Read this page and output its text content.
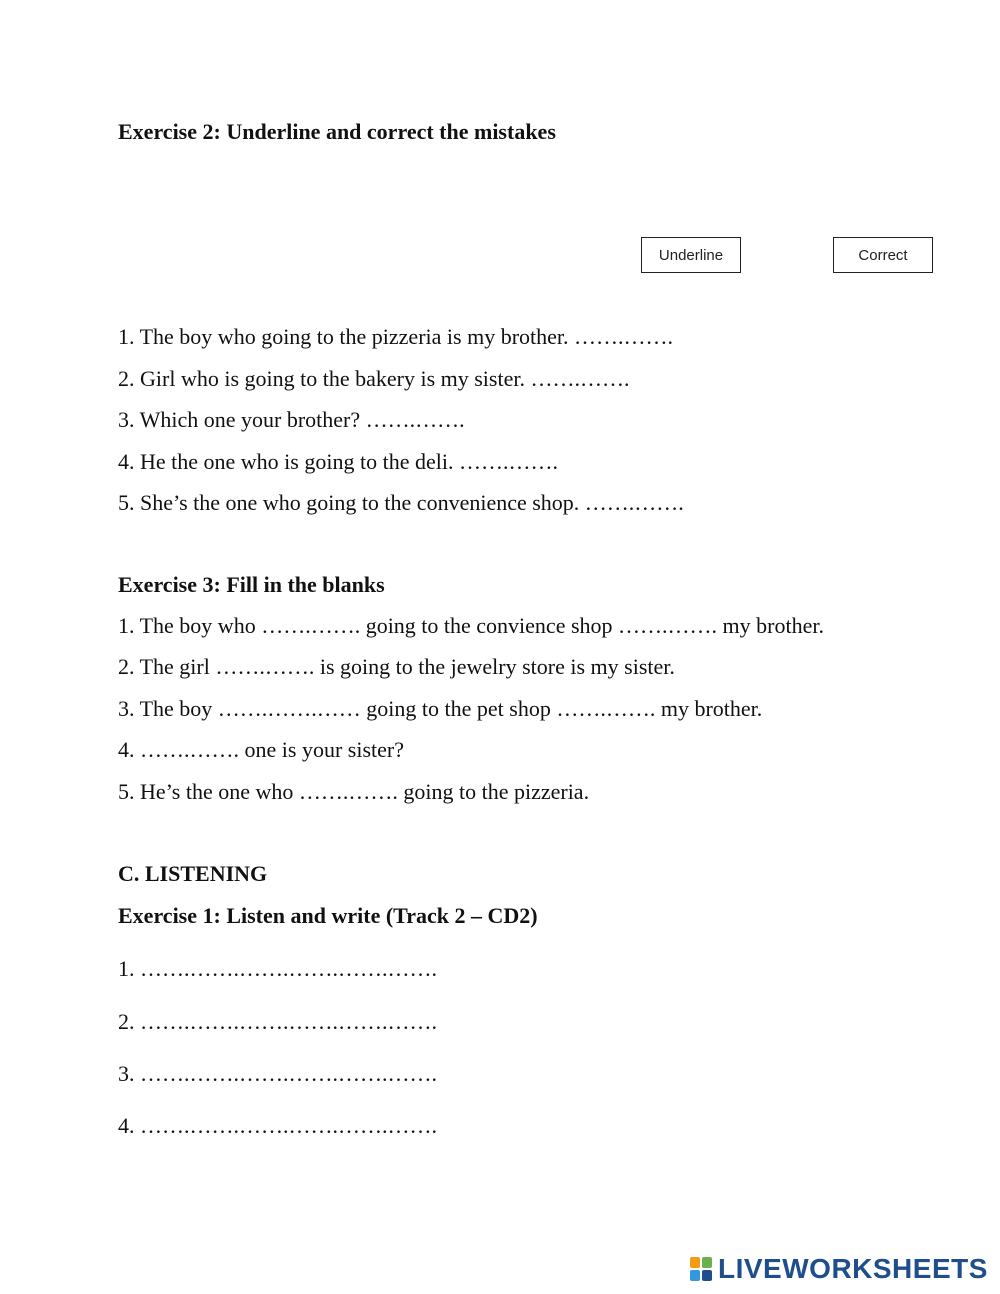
Exercise 2: Underline and correct the mistakes
Underline	Correct
1. The boy who going to the pizzeria is my brother. …….…….
2. Girl who is going to the bakery is my sister. …….…….
3. Which one your brother? …….…….
4. He the one who is going to the deli. …….…….
5. She’s the one who going to the convenience shop. …….…….
Exercise 3: Fill in the blanks
1. The boy who …….……. going to the convience shop …….……. my brother.
2. The girl …….……. is going to the jewelry store is my sister.
3. The boy …….…….…… going to the pet shop …….……. my brother.
4. …….……. one is your sister?
5. He’s the one who …….……. going to the pizzeria.
C. LISTENING
Exercise 1: Listen and write (Track 2 – CD2)
1. …….…….…….…….…….…….
2. …….…….…….…….…….…….
3. …….…….…….…….…….…….
4. …….…….…….…….…….…….
LIVEWORKSHEETS
